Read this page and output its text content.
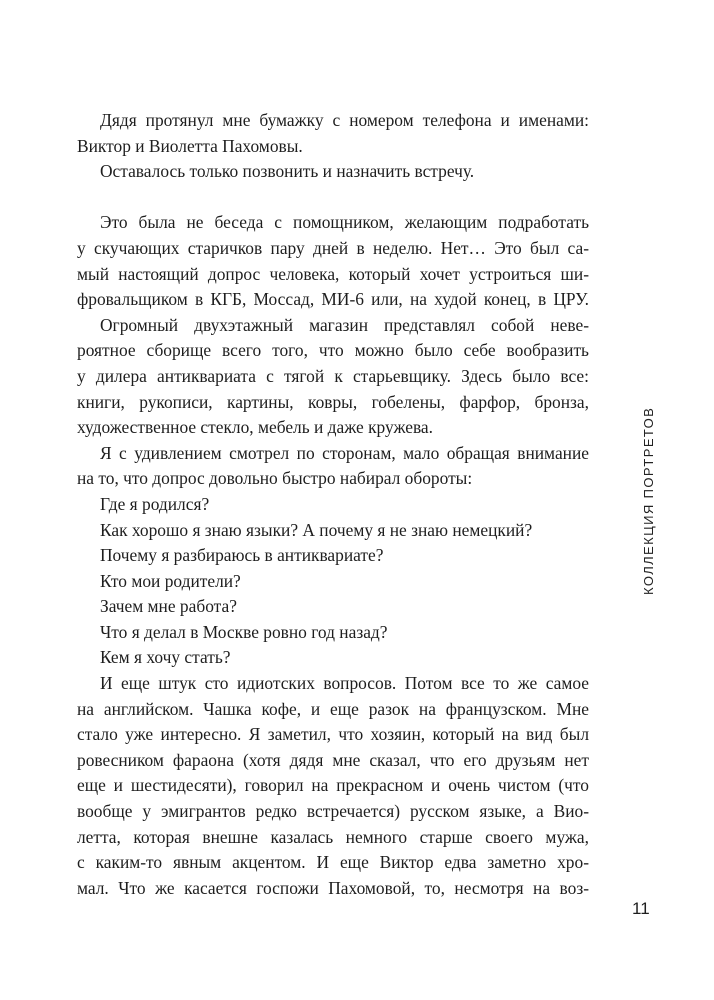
Дядя протянул мне бумажку с номером телефона и именами:
Виктор и Виолетта Пахомовы.
Оставалось только позвонить и назначить встречу.
Это была не беседа с помощником, желающим подработать
у скучающих старичков пару дней в неделю. Нет… Это был са-
мый настоящий допрос человека, который хочет устроиться ши-
фровальщиком в КГБ, Моссад, МИ-6 или, на худой конец, в ЦРУ.
Огромный двухэтажный магазин представлял собой неве-
роятное сборище всего того, что можно было себе вообразить
у дилера антиквариата с тягой к старьевщику. Здесь было все:
книги, рукописи, картины, ковры, гобелены, фарфор, бронза,
художественное стекло, мебель и даже кружева.
Я с удивлением смотрел по сторонам, мало обращая внимание
на то, что допрос довольно быстро набирал обороты:
Где я родился?
Как хорошо я знаю языки? А почему я не знаю немецкий?
Почему я разбираюсь в антиквариате?
Кто мои родители?
Зачем мне работа?
Что я делал в Москве ровно год назад?
Кем я хочу стать?
И еще штук сто идиотских вопросов. Потом все то же самое
на английском. Чашка кофе, и еще разок на французском. Мне
стало уже интересно. Я заметил, что хозяин, который на вид был
ровесником фараона (хотя дядя мне сказал, что его друзьям нет
еще и шестидесяти), говорил на прекрасном и очень чистом (что
вообще у эмигрантов редко встречается) русском языке, а Вио-
летта, которая внешне казалась немного старше своего мужа,
с каким-то явным акцентом. И еще Виктор едва заметно хро-
мал. Что же касается госпожи Пахомовой, то, несмотря на воз-
КОЛЛЕКЦИЯ ПОРТРЕТОВ
11
